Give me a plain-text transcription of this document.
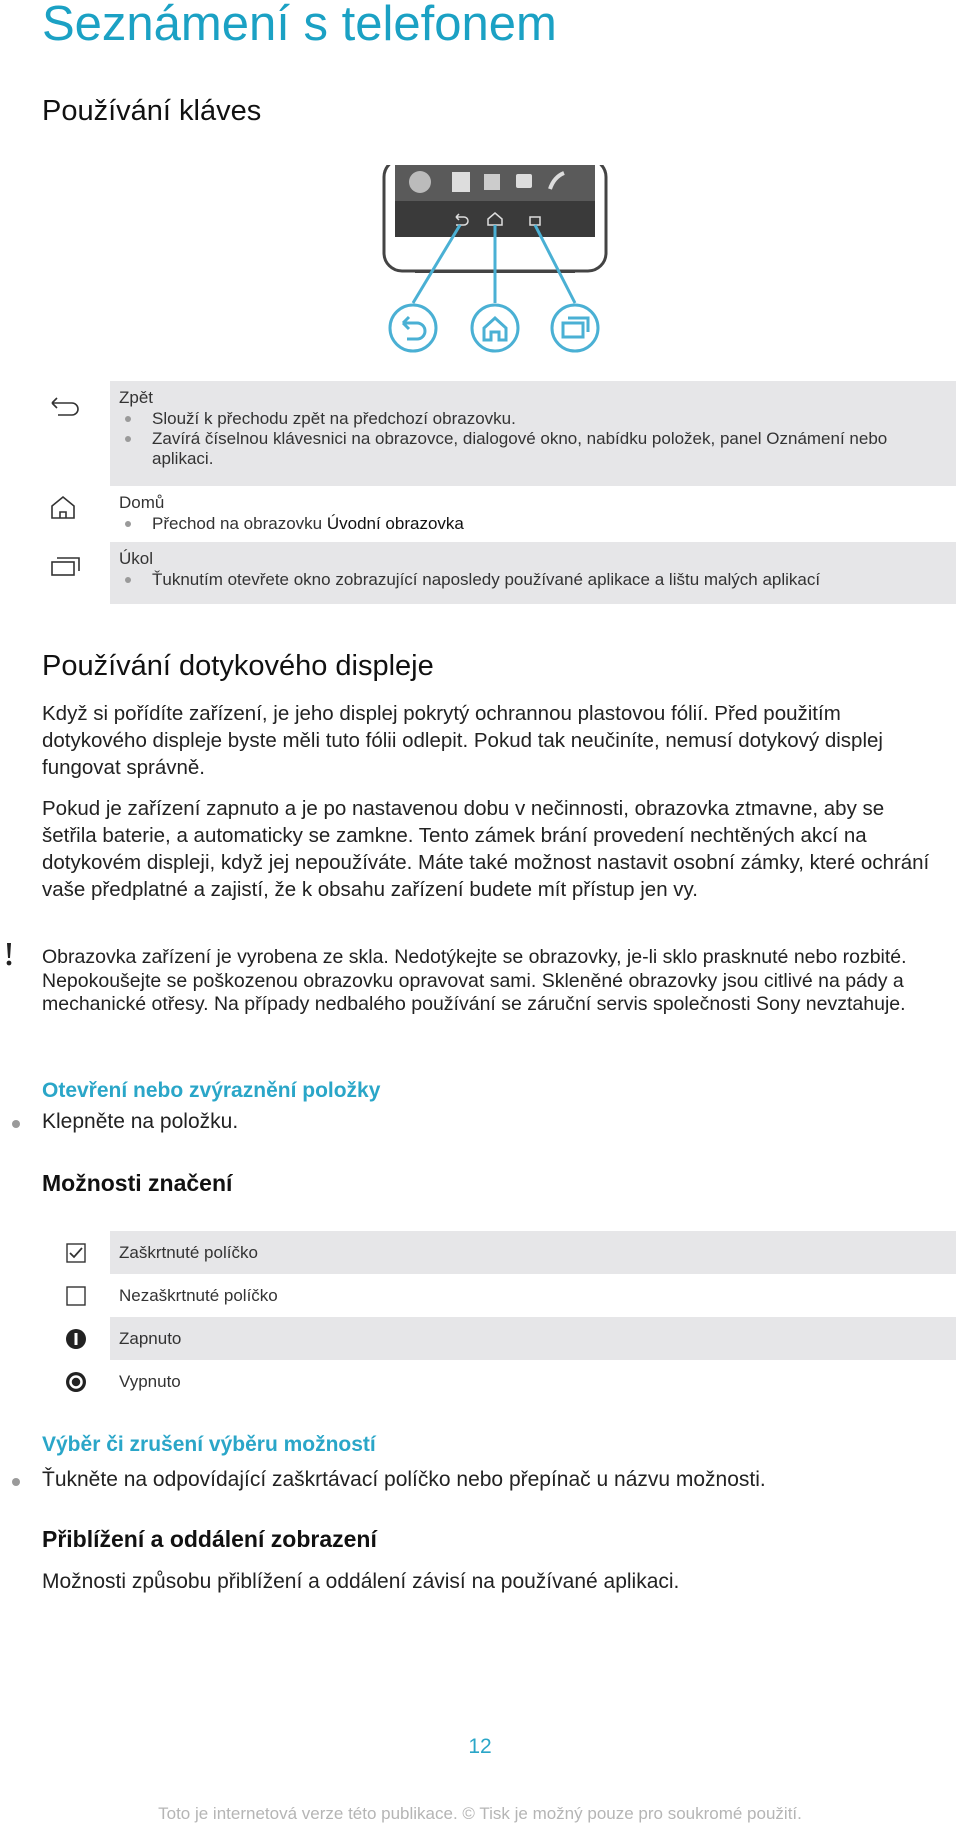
Seznámení s telefonem
Používání kláves
Zpět
Slouží k přechodu zpět na předchozí obrazovku.
Zavírá číselnou klávesnici na obrazovce, dialogové okno, nabídku položek, panel Oznámení nebo aplikaci.
Domů
Přechod na obrazovku Úvodní obrazovka
Úkol
Ťuknutím otevřete okno zobrazující naposledy používané aplikace a lištu malých aplikací
Používání dotykového displeje

Když si pořídíte zařízení, je jeho displej pokrytý ochrannou plastovou fólií. Před použitím dotykového displeje byste měli tuto fólii odlepit. Pokud tak neučiníte, nemusí dotykový displej fungovat správně.

Pokud je zařízení zapnuto a je po nastavenou dobu v nečinnosti, obrazovka ztmavne, aby se šetřila baterie, a automaticky se zamkne. Tento zámek brání provedení nechtěných akcí na dotykovém displeji, když jej nepoužíváte. Máte také možnost nastavit osobní zámky, které ochrání vaše předplatné a zajistí, že k obsahu zařízení budete mít přístup jen vy.

Obrazovka zařízení je vyrobena ze skla. Nedotýkejte se obrazovky, je-li sklo prasknuté nebo rozbité. Nepokoušejte se poškozenou obrazovku opravovat sami. Skleněné obrazovky jsou citlivé na pády a mechanické otřesy. Na případy nedbalého používání se záruční servis společnosti Sony nevztahuje.

Otevření nebo zvýraznění položky
Klepněte na položku.
Možnosti značení
Zaškrtnuté políčko
Nezaškrtnuté políčko
Zapnuto
Vypnuto
Výběr či zrušení výběru možností
Ťukněte na odpovídající zaškrtávací políčko nebo přepínač u názvu možnosti.
Přiblížení a oddálení zobrazení

Možnosti způsobu přiblížení a oddálení závisí na používané aplikaci.

12
Toto je internetová verze této publikace. © Tisk je možný pouze pro soukromé použití.
